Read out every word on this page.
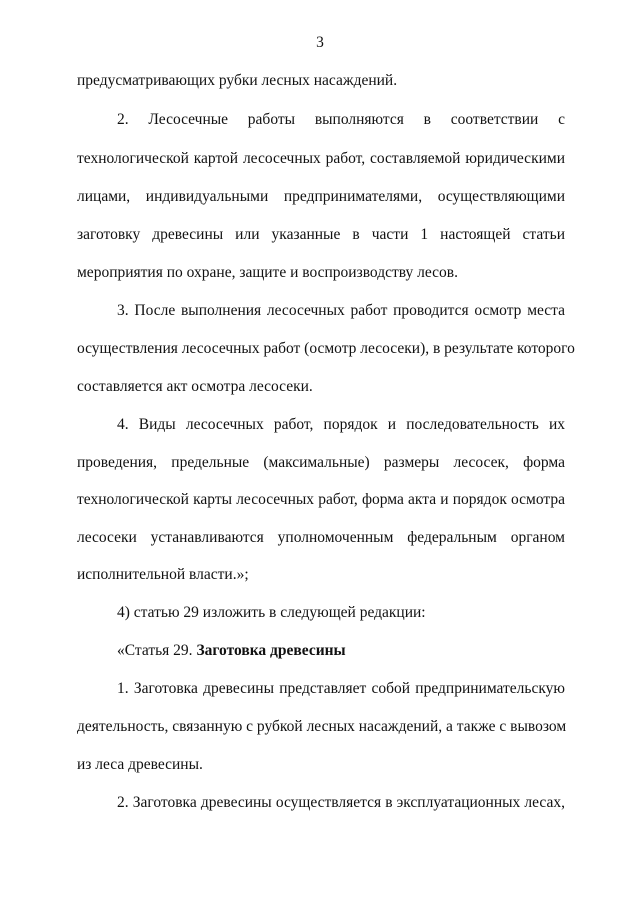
3
предусматривающих рубки лесных насаждений.
2. Лесосечные работы выполняются в соответствии с
технологической картой лесосечных работ, составляемой юридическими
лицами, индивидуальными предпринимателями, осуществляющими
заготовку древесины или указанные в части 1 настоящей статьи
мероприятия по охране, защите и воспроизводству лесов.
3. После выполнения лесосечных работ проводится осмотр места
осуществления лесосечных работ (осмотр лесосеки), в результате которого
составляется акт осмотра лесосеки.
4. Виды лесосечных работ, порядок и последовательность их
проведения, предельные (максимальные) размеры лесосек, форма
технологической карты лесосечных работ, форма акта и порядок осмотра
лесосеки устанавливаются уполномоченным федеральным органом
исполнительной власти.»;
4) статью 29 изложить в следующей редакции:
«Статья 29. Заготовка древесины
1. Заготовка древесины представляет собой предпринимательскую
деятельность, связанную с рубкой лесных насаждений, а также с вывозом
из леса древесины.
2. Заготовка древесины осуществляется в эксплуатационных лесах,
